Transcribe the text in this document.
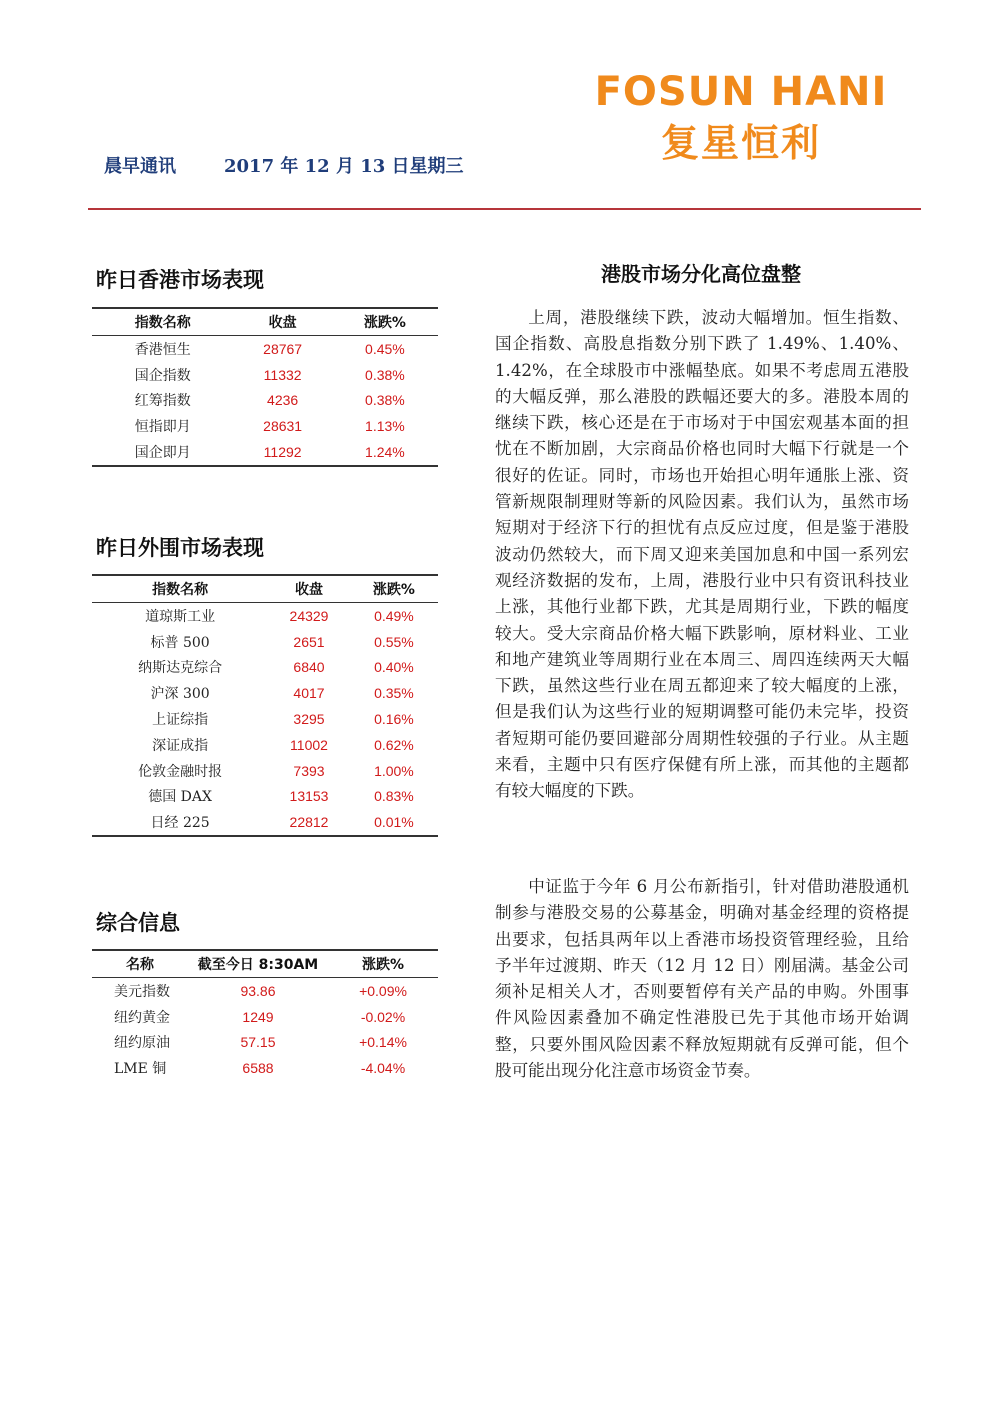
FOSUN HANI
复星恒利
晨早通讯	2017 年 12 月 13 日星期三
昨日香港市场表现
指数名称	收盘	涨跌%
香港恒生	28767	0.45%
国企指数	11332	0.38%
红筹指数	4236	0.38%
恒指即月	28631	1.13%
国企即月	11292	1.24%
昨日外围市场表现
指数名称	收盘	涨跌%
道琼斯工业	24329	0.49%
标普 500	2651	0.55%
纳斯达克综合	6840	0.40%
沪深 300	4017	0.35%
上证综指	3295	0.16%
深证成指	11002	0.62%
伦敦金融时报	7393	1.00%
德国 DAX	13153	0.83%
日经 225	22812	0.01%
综合信息
名称	截至今日 8:30AM	涨跌%
美元指数	93.86	+0.09%
纽约黄金	1249	-0.02%
纽约原油	57.15	+0.14%
LME 铜	6588	-4.04%
港股市场分化高位盘整

上周，港股继续下跌，波动大幅增加。恒生指数、国企指数、高股息指数分别下跌了 1.49%、1.40%、1.42%，在全球股市中涨幅垫底。如果不考虑周五港股的大幅反弹，那么港股的跌幅还要大的多。港股本周的继续下跌，核心还是在于市场对于中国宏观基本面的担忧在不断加剧，大宗商品价格也同时大幅下行就是一个很好的佐证。同时，市场也开始担心明年通胀上涨、资管新规限制理财等新的风险因素。我们认为，虽然市场短期对于经济下行的担忧有点反应过度，但是鉴于港股波动仍然较大，而下周又迎来美国加息和中国一系列宏观经济数据的发布，上周，港股行业中只有资讯科技业上涨，其他行业都下跌，尤其是周期行业，下跌的幅度较大。受大宗商品价格大幅下跌影响，原材料业、工业和地产建筑业等周期行业在本周三、周四连续两天大幅下跌，虽然这些行业在周五都迎来了较大幅度的上涨，但是我们认为这些行业的短期调整可能仍未完毕，投资者短期可能仍要回避部分周期性较强的子行业。从主题来看，主题中只有医疗保健有所上涨，而其他的主题都有较大幅度的下跌。

中证监于今年 6 月公布新指引，针对借助港股通机制参与港股交易的公募基金，明确对基金经理的资格提出要求，包括具两年以上香港市场投资管理经验，且给予半年过渡期、昨天（12 月 12 日）刚届满。基金公司须补足相关人才，否则要暂停有关产品的申购。外围事件风险因素叠加不确定性港股已先于其他市场开始调整，只要外围风险因素不释放短期就有反弹可能，但个股可能出现分化注意市场资金节奏。
